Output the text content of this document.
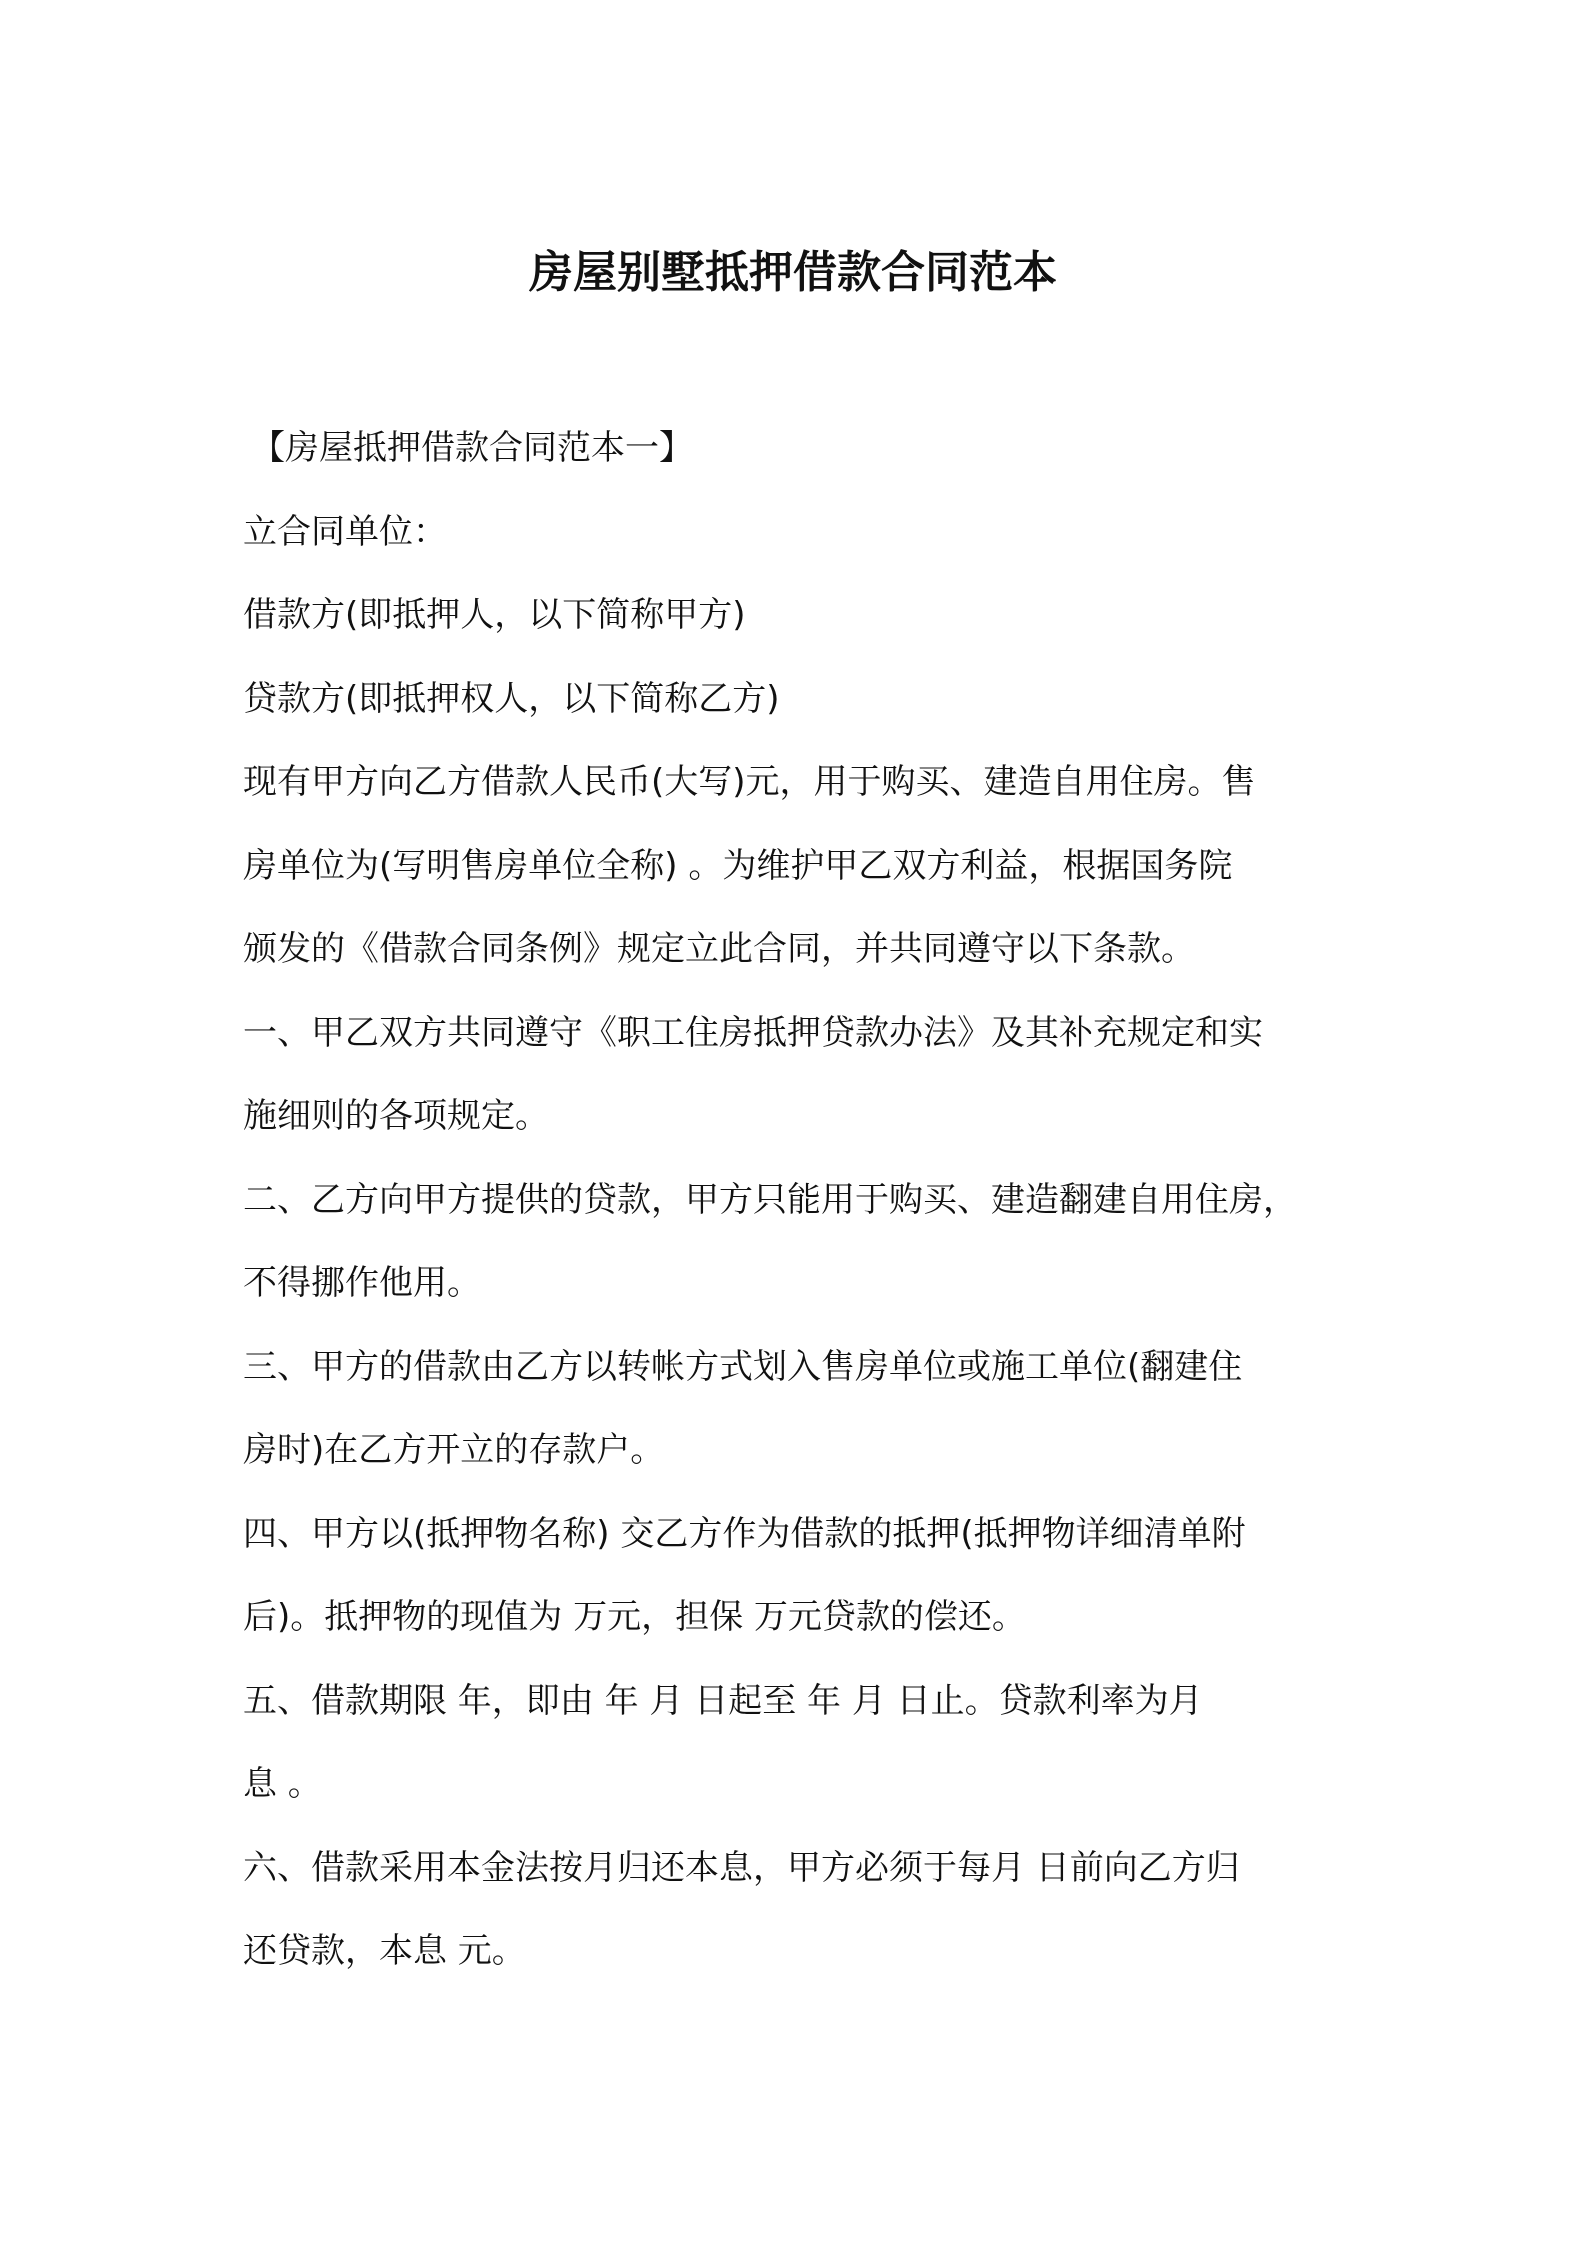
房屋别墅抵押借款合同范本

【房屋抵押借款合同范本一】

立合同单位：

借款方(即抵押人，以下简称甲方)

贷款方(即抵押权人，以下简称乙方)

现有甲方向乙方借款人民币(大写)元，用于购买、建造自用住房。售

房单位为(写明售房单位全称) 。为维护甲乙双方利益，根据国务院

颁发的《借款合同条例》规定立此合同，并共同遵守以下条款。

一、甲乙双方共同遵守《职工住房抵押贷款办法》及其补充规定和实

施细则的各项规定。

二、乙方向甲方提供的贷款，甲方只能用于购买、建造翻建自用住房，

不得挪作他用。

三、甲方的借款由乙方以转帐方式划入售房单位或施工单位(翻建住

房时)在乙方开立的存款户。

四、甲方以(抵押物名称) 交乙方作为借款的抵押(抵押物详细清单附

后)。抵押物的现值为 万元，担保 万元贷款的偿还。

五、借款期限 年，即由 年 月 日起至 年 月 日止。贷款利率为月

息 。

六、借款采用本金法按月归还本息，甲方必须于每月 日前向乙方归

还贷款，本息 元。
